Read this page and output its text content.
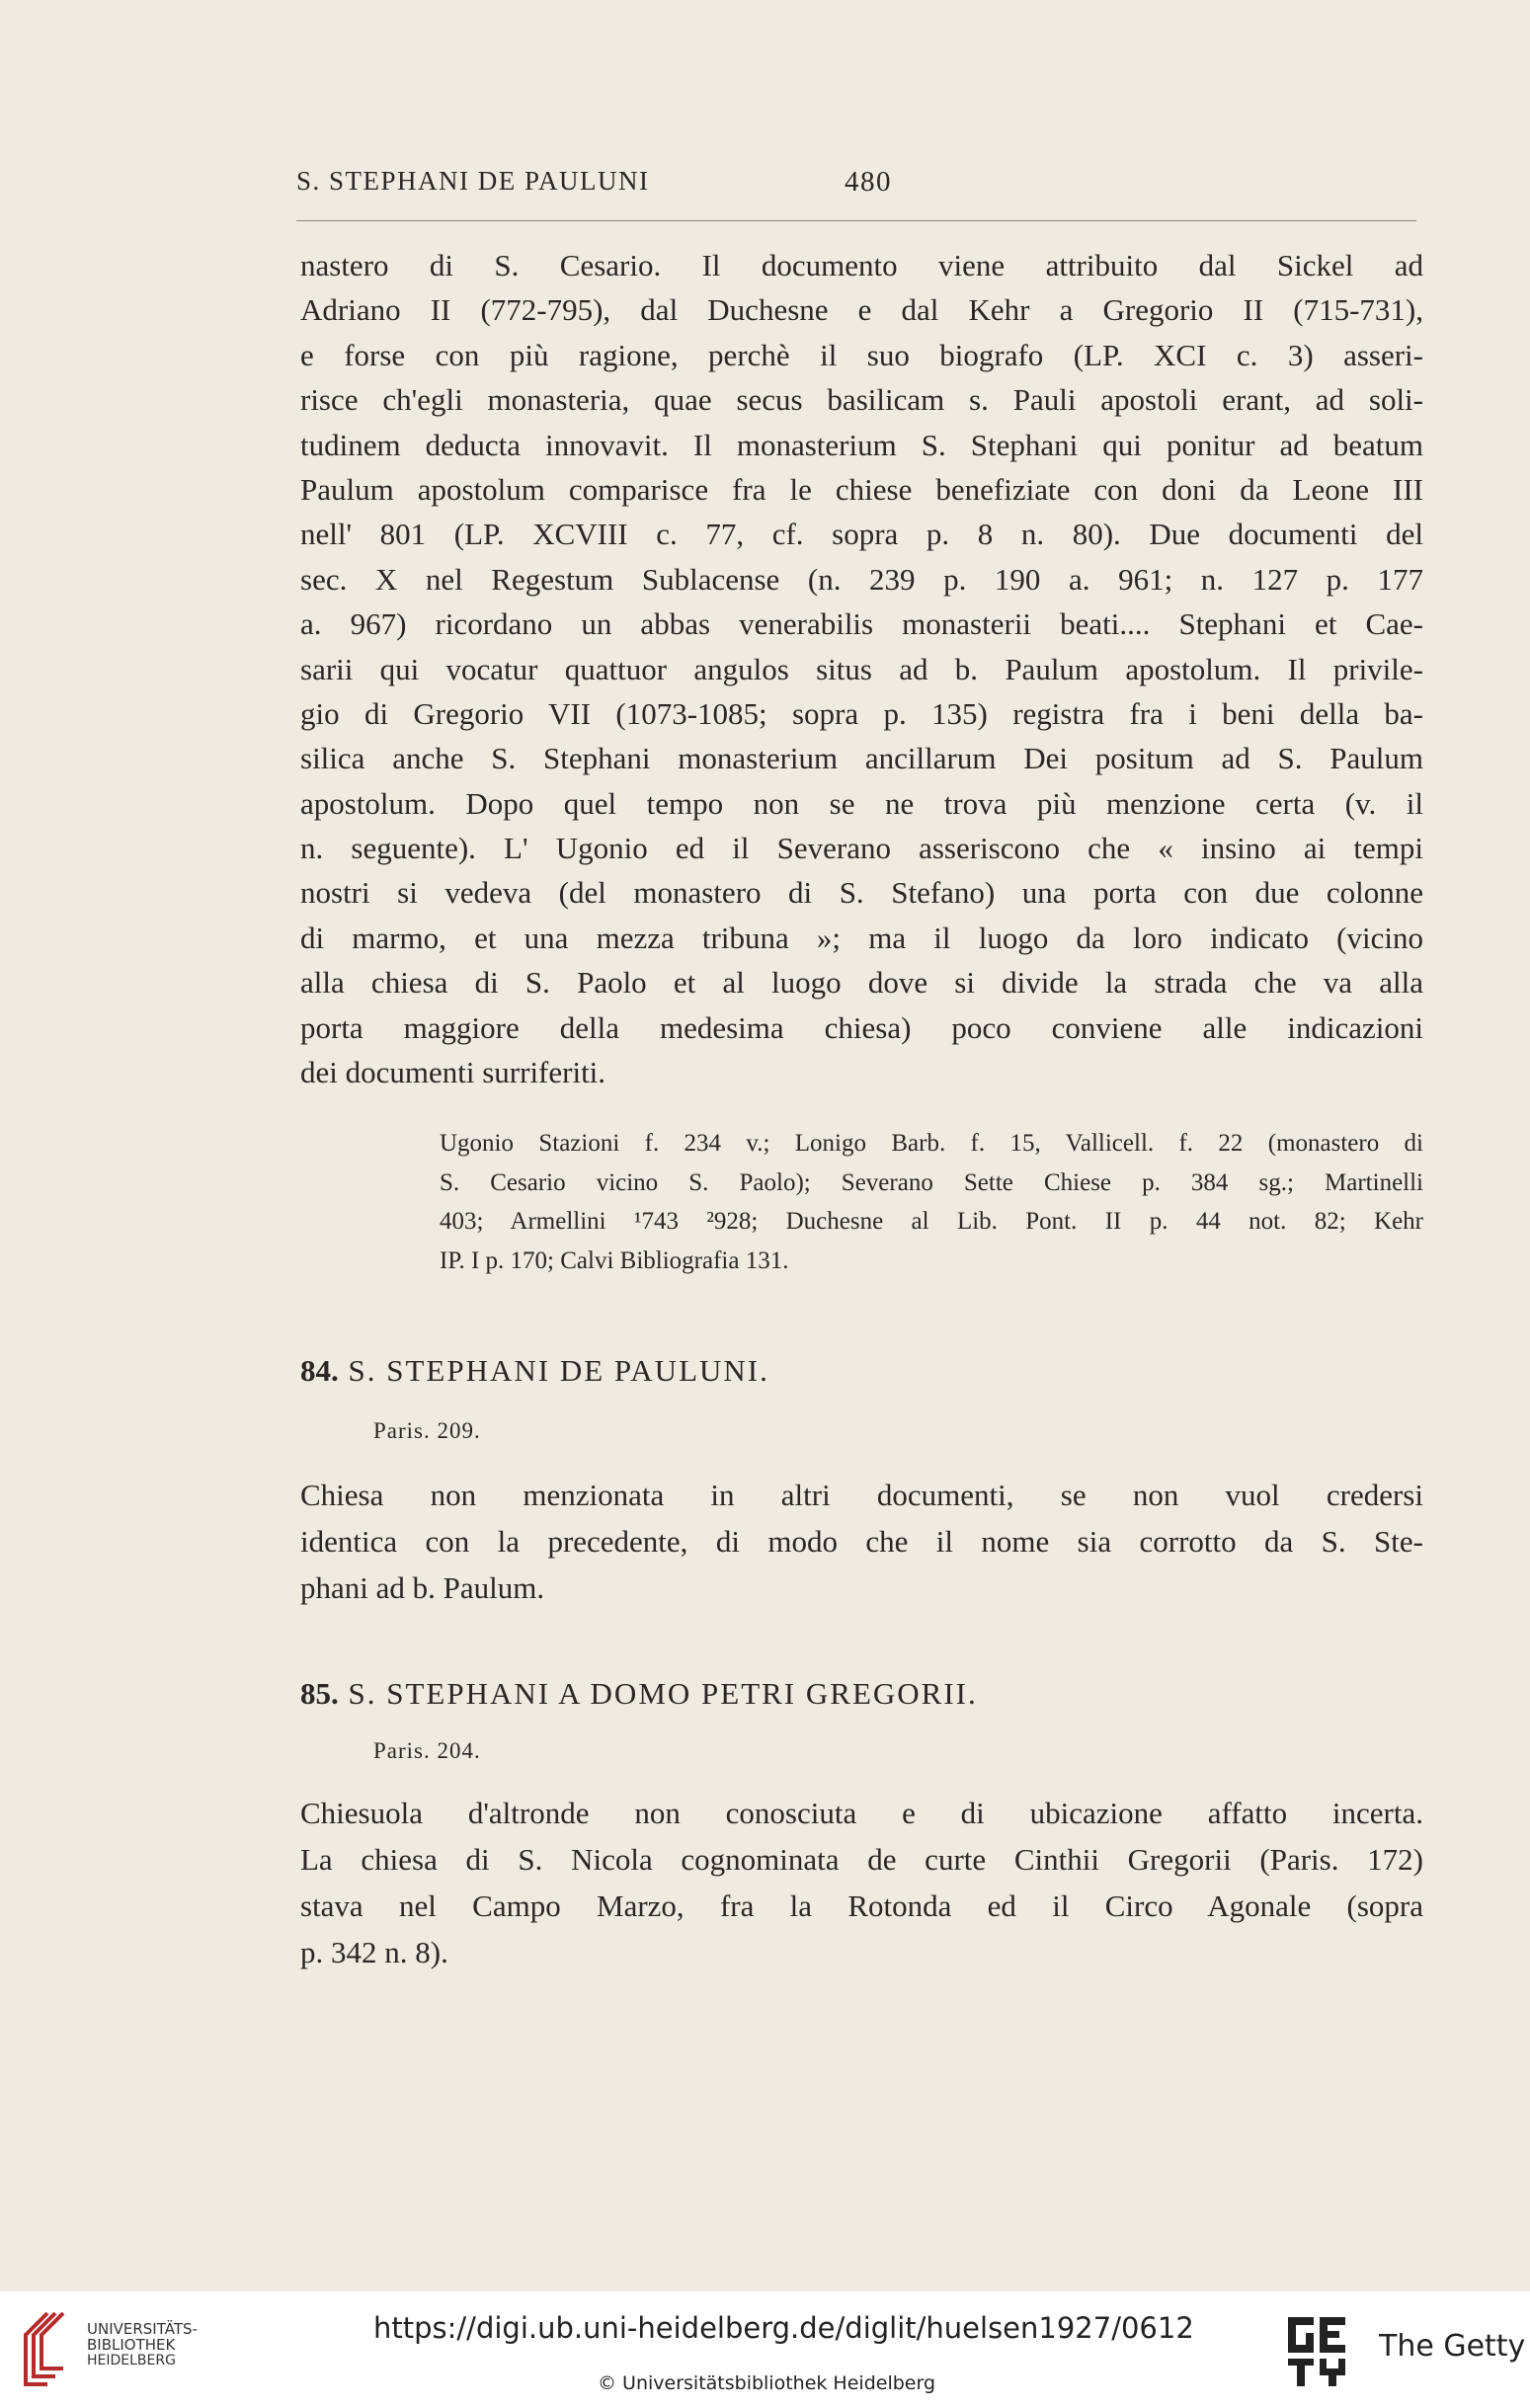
S. STEPHANI DE PAULUNI	480
nastero di S. Cesario. Il documento viene attribuito dal Sickel ad
Adriano II (772-795), dal Duchesne e dal Kehr a Gregorio II (715-731),
e forse con più ragione, perchè il suo biografo (LP. XCI c. 3) asseri-
risce ch'egli monasteria, quae secus basilicam s. Pauli apostoli erant, ad soli-
tudinem deducta innovavit. Il monasterium S. Stephani qui ponitur ad beatum
Paulum apostolum comparisce fra le chiese benefiziate con doni da Leone III
nell' 801 (LP. XCVIII c. 77, cf. sopra p. 8 n. 80). Due documenti del
sec. X nel Regestum Sublacense (n. 239 p. 190 a. 961; n. 127 p. 177
a. 967) ricordano un abbas venerabilis monasterii beati.... Stephani et Cae-
sarii qui vocatur quattuor angulos situs ad b. Paulum apostolum. Il privile-
gio di Gregorio VII (1073-1085; sopra p. 135) registra fra i beni della ba-
silica anche S. Stephani monasterium ancillarum Dei positum ad S. Paulum
apostolum. Dopo quel tempo non se ne trova più menzione certa (v. il
n. seguente). L' Ugonio ed il Severano asseriscono che « insino ai tempi
nostri si vedeva (del monastero di S. Stefano) una porta con due colonne
di marmo, et una mezza tribuna »; ma il luogo da loro indicato (vicino
alla chiesa di S. Paolo et al luogo dove si divide la strada che va alla
porta maggiore della medesima chiesa) poco conviene alle indicazioni
dei documenti surriferiti.
Ugonio Stazioni f. 234 v.; Lonigo Barb. f. 15, Vallicell. f. 22 (monastero di
S. Cesario vicino S. Paolo); Severano Sette Chiese p. 384 sg.; Martinelli
403; Armellini ¹743 ²928; Duchesne al Lib. Pont. II p. 44 not. 82; Kehr
IP. I p. 170; Calvi Bibliografia 131.
84. S. STEPHANI DE PAULUNI.
Paris. 209.
Chiesa non menzionata in altri documenti, se non vuol credersi
identica con la precedente, di modo che il nome sia corrotto da S. Ste-
phani ad b. Paulum.
85. S. STEPHANI A DOMO PETRI GREGORII.
Paris. 204.
Chiesuola d'altronde non conosciuta e di ubicazione affatto incerta.
La chiesa di S. Nicola cognominata de curte Cinthii Gregorii (Paris. 172)
stava nel Campo Marzo, fra la Rotonda ed il Circo Agonale (sopra
p. 342 n. 8).
UNIVERSITÄTS-
BIBLIOTHEK
HEIDELBERG
https://digi.ub.uni-heidelberg.de/diglit/huelsen1927/0612
© Universitätsbibliothek Heidelberg
The Getty
